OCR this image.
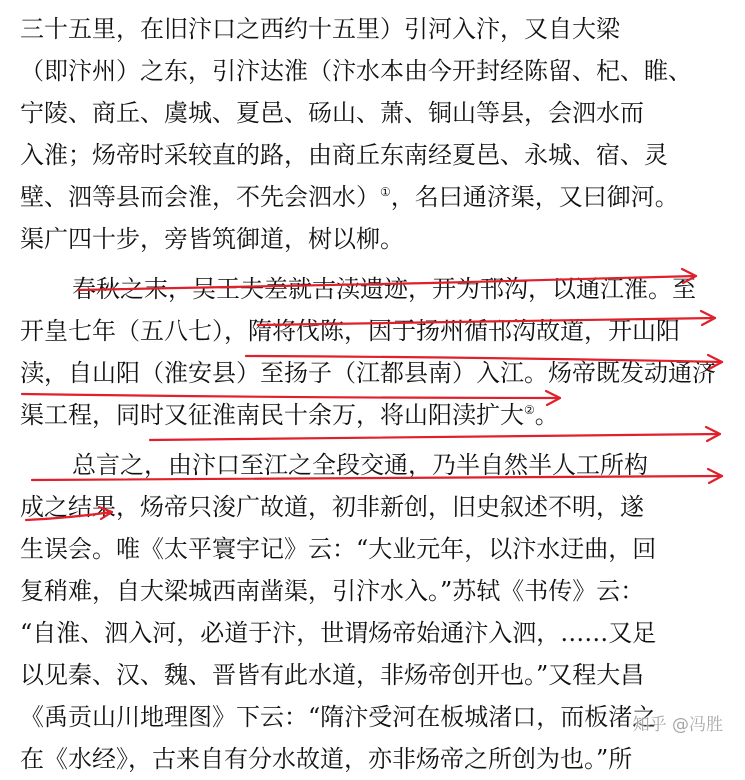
三十五里，在旧汴口之西约十五里）引河入汴，又自大梁
（即汴州）之东，引汴达淮（汴水本由今开封经陈留、杞、睢、
宁陵、商丘、虞城、夏邑、砀山、萧、铜山等县，会泗水而
入淮；炀帝时采较直的路，由商丘东南经夏邑、永城、宿、灵
壁、泗等县而会淮，不先会泗水）①，名曰通济渠，又曰御河。
渠广四十步，旁皆筑御道，树以柳。
春秋之末，吴王夫差就古渎遗迹，开为邗沟，以通江淮。至
开皇七年（五八七），隋将伐陈，因于扬州循邗沟故道，开山阳
渎，自山阳（淮安县）至扬子（江都县南）入江。炀帝既发动通济
渠工程，同时又征淮南民十余万，将山阳渎扩大②。
总言之，由汴口至江之全段交通，乃半自然半人工所构
成之结果，炀帝只浚广故道，初非新创，旧史叙述不明，遂
生误会。唯《太平寰宇记》云：“大业元年，以汴水迂曲，回
复稍难，自大梁城西南凿渠，引汴水入。”苏轼《书传》云：
“自淮、泗入河，必道于汴，世谓炀帝始通汴入泗，……又足
以见秦、汉、魏、晋皆有此水道，非炀帝创开也。”又程大昌
《禹贡山川地理图》下云：“隋汴受河在板城渚口，而板渚之
在《水经》，古来自有分水故道，亦非炀帝之所创为也。”所
知乎 @冯胜
